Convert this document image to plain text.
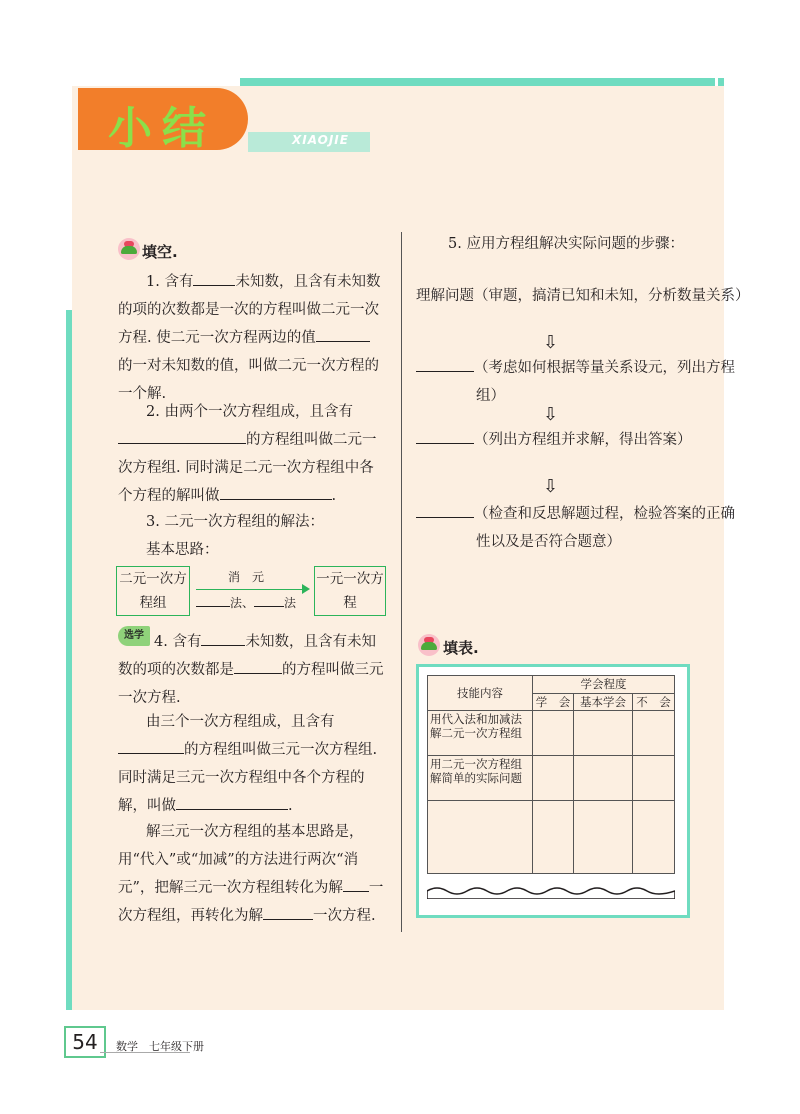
小结	XIAOJIE
填空.
1. 含有	未知数，且含有未知数的项的次数都是一次的方程叫做二元一次方程. 使二元一次方程两边的值的一对未知数的值，叫做二元一次方程的一个解.
2. 由两个一次方程组成，且含有的方程组叫做二元一次方程组. 同时满足二元一次方程组中各个方程的解叫做	.
3. 二元一次方程组的解法：
基本思路：
二元一次方程组
消　元
法、	法
一元一次方程
选学 4. 含有	未知数，且含有未知数的项的次数都是	的方程叫做三元一次方程.
由三个一次方程组成，且含有的方程组叫做三元一次方程组. 同时满足三元一次方程组中各个方程的解，叫做	.
解三元一次方程组的基本思路是，用“代入”或“加减”的方法进行两次“消元”，把解三元一次方程组转化为解 一次方程组，再转化为解	一次方程.
5. 应用方程组解决实际问题的步骤：
理解问题（审题，搞清已知和未知，分析数量关系）
⇩
（考虑如何根据等量关系设元，列出方程组）
⇩
（列出方程组并求解，得出答案）
⇩
（检查和反思解题过程，检验答案的正确性以及是否符合题意）
填表.
技能内容	学会程度		
	学　会	基本学会	不　会
用代入法和加减法解二元一次方程组			
用二元一次方程组解简单的实际问题			

54	数学　七年级下册
